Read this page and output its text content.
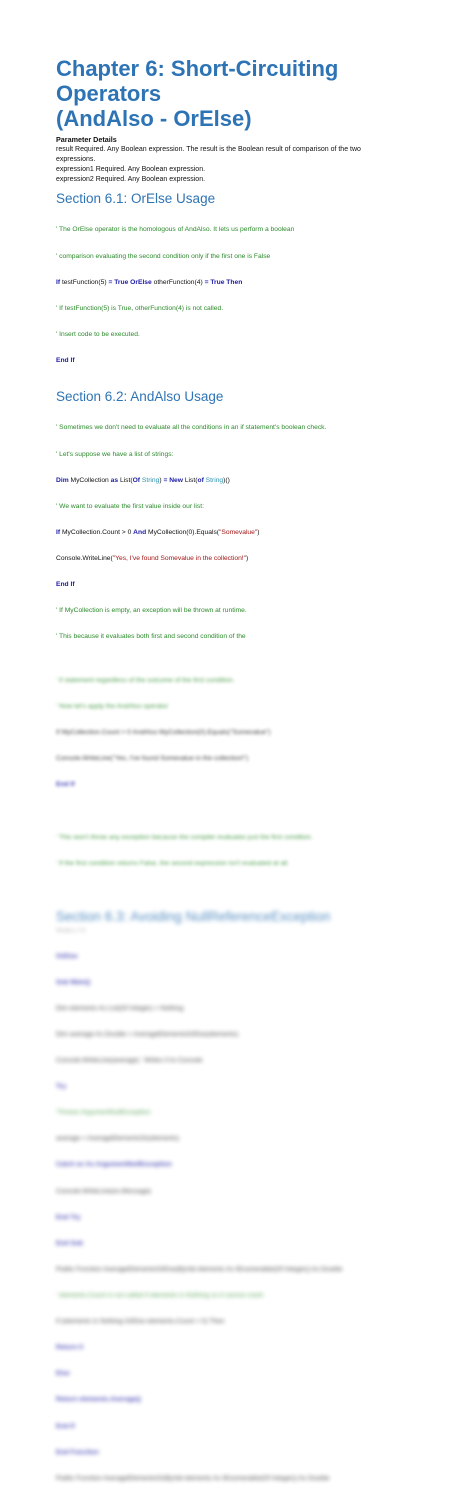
Chapter 6: Short-Circuiting Operators
(AndAlso - OrElse)
Parameter Details
result Required. Any Boolean expression. The result is the Boolean result of comparison of the two
expressions.
expression1 Required. Any Boolean expression.
expression2 Required. Any Boolean expression.
Section 6.1: OrElse Usage

' The OrElse operator is the homologous of AndAlso. It lets us perform a boolean

' comparison evaluating the second condition only if the first one is False

If testFunction(5) = True OrElse otherFunction(4) = True Then

' If testFunction(5) is True, otherFunction(4) is not called.

' Insert code to be executed.

End If

Section 6.2: AndAlso Usage

' Sometimes we don't need to evaluate all the conditions in an if statement's boolean check.

' Let's suppose we have a list of strings:

Dim MyCollection as List(Of String) = New List(of String)()

' We want to evaluate the first value inside our list:

If MyCollection.Count > 0 And MyCollection(0).Equals("Somevalue")

Console.WriteLine("Yes, I've found Somevalue in the collection!")

End If

' If MyCollection is empty, an exception will be thrown at runtime.

' This because it evaluates both first and second condition of the

' if statement regardless of the outcome of the first condition.

' Now let's apply the AndAlso operator

If MyCollection.Count > 0 AndAlso MyCollection(0).Equals("Somevalue")

Console.WriteLine("Yes, I've found Somevalue in the collection!")

End If

' This won't throw any exception because the compiler evaluates just the first condition.

' If the first condition returns False, the second expression isn't evaluated at all.

Section 6.3: Avoiding NullReferenceException
Version ≥ 7.0

OrElse

Sub Main()

Dim elements As List(Of Integer) = Nothing

Dim average As Double = AverageElementsOrElse(elements)

Console.WriteLine(average) ' Writes 0 to Console

Try

'Throws ArgumentNullException

average = AverageElementsOr(elements)

Catch ex As ArgumentNullException

Console.WriteLine(ex.Message)

End Try

End Sub

Public Function AverageElementsOrElse(ByVal elements As IEnumerable(Of Integer)) As Double

' elements.Count is not called if elements is Nothing so it cannot crash

If (elements Is Nothing OrElse elements.Count = 0) Then

Return 0

Else

Return elements.Average()

End If

End Function

Public Function AverageElementsOr(ByVal elements As IEnumerable(Of Integer)) As Double
